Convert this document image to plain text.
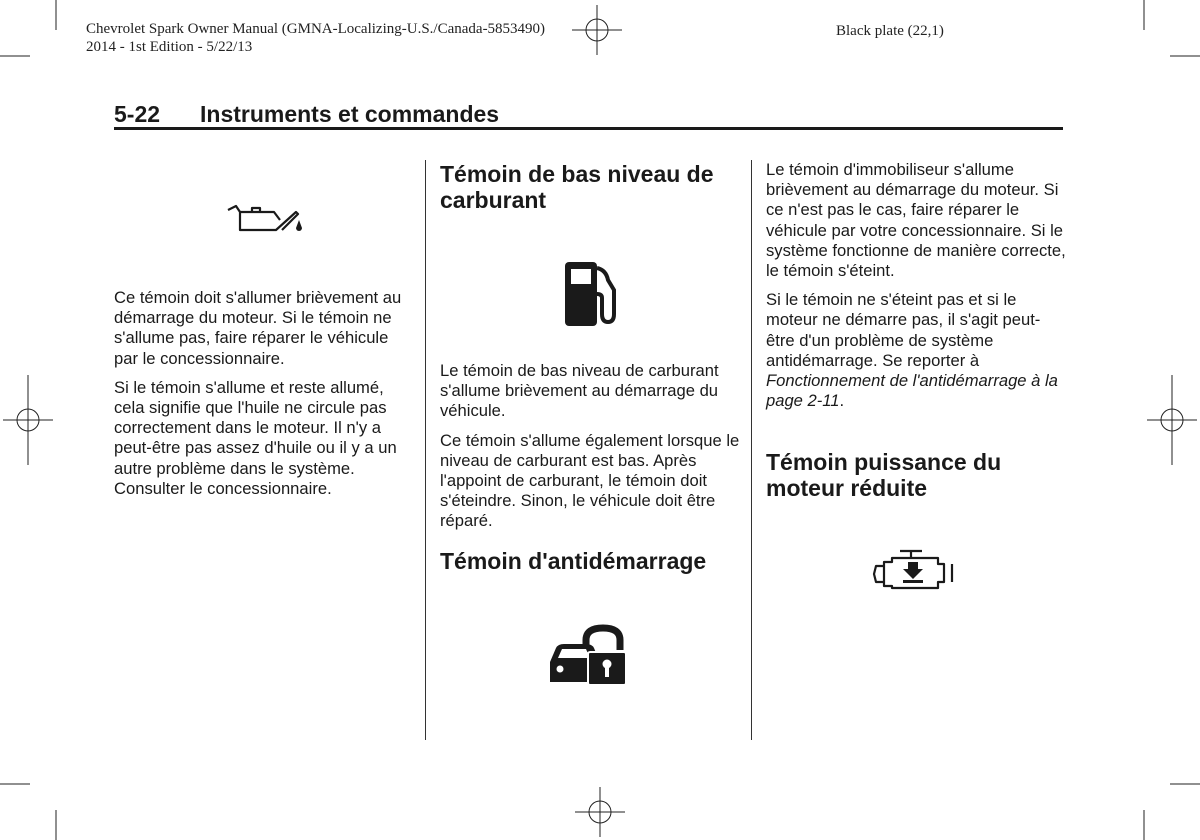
Chevrolet Spark Owner Manual (GMNA-Localizing-U.S./Canada-5853490)
2014 - 1st Edition - 5/22/13
Black plate (22,1)
5-22 Instruments et commandes

Ce témoin doit s'allumer brièvement au démarrage du moteur. Si le témoin ne s'allume pas, faire réparer le véhicule par le concessionnaire.

Si le témoin s'allume et reste allumé, cela signifie que l'huile ne circule pas correctement dans le moteur. Il n'y a peut-être pas assez d'huile ou il y a un autre problème dans le système. Consulter le concessionnaire.

Témoin de bas niveau de carburant

Le témoin de bas niveau de carburant s'allume brièvement au démarrage du véhicule.

Ce témoin s'allume également lorsque le niveau de carburant est bas. Après l'appoint de carburant, le témoin doit s'éteindre. Sinon, le véhicule doit être réparé.

Témoin d'antidémarrage

Le témoin d'immobiliseur s'allume brièvement au démarrage du moteur. Si ce n'est pas le cas, faire réparer le véhicule par votre concessionnaire. Si le système fonctionne de manière correcte, le témoin s'éteint.

Si le témoin ne s'éteint pas et si le moteur ne démarre pas, il s'agit peut-être d'un problème de système antidémarrage. Se reporter à Fonctionnement de l'antidémarrage à la page 2-11.

Témoin puissance du moteur réduite
